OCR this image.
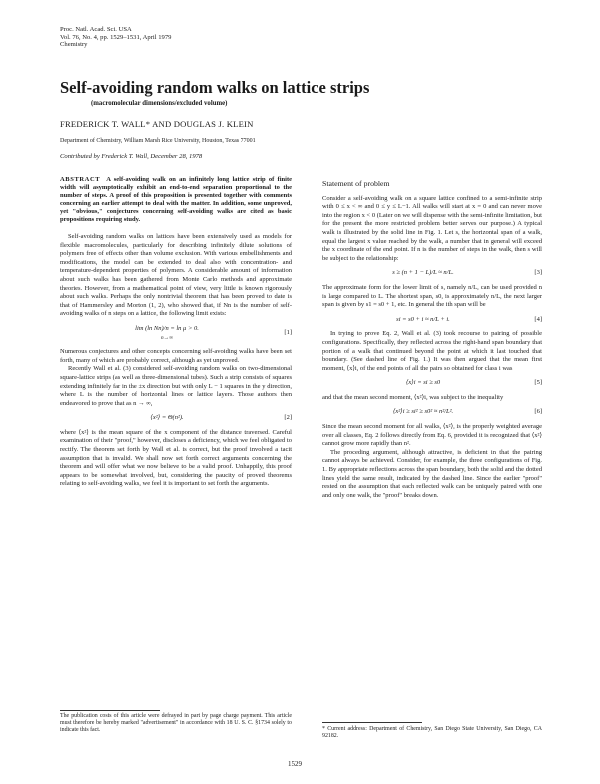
Proc. Natl. Acad. Sci. USA
Vol. 76, No. 4, pp. 1529–1531, April 1979
Chemistry
Self-avoiding random walks on lattice strips
(macromolecular dimensions/excluded volume)
FREDERICK T. WALL* AND DOUGLAS J. KLEIN
Department of Chemistry, William Marsh Rice University, Houston, Texas 77001
Contributed by Frederick T. Wall, December 28, 1978
ABSTRACT A self-avoiding walk on an infinitely long lattice strip of finite width will asymptotically exhibit an end-to-end separation proportional to the number of steps. A proof of this proposition is presented together with comments concerning an earlier attempt to deal with the matter. In addition, some unproved, yet "obvious," conjectures concerning self-avoiding walks are cited as basic propositions requiring study.

Self-avoiding random walks on lattices have been extensively used as models for flexible macromolecules, particularly for describing infinitely dilute solutions of polymers free of effects other than volume exclusion. With various embellishments and modifications, the model can be extended to deal also with concentration- and temperature-dependent properties of polymers. A considerable amount of information about such walks has been gathered from Monte Carlo methods and approximate theories. However, from a mathematical point of view, very little is known rigorously about such walks. Perhaps the only nontrivial theorem that has been proved to date is that of Hammersley and Morton (1, 2), who showed that, if Nn is the number of self-avoiding walks of n steps on a lattice, the following limit exists:

lim (ln Nn)/n = ln μ > 0.
n→∞
[1]

Numerous conjectures and other concepts concerning self-avoiding walks have been set forth, many of which are probably correct, although as yet unproved.

Recently Wall et al. (3) considered self-avoiding random walks on two-dimensional square-lattice strips (as well as three-dimensional tubes). Such a strip consists of squares extending infinitely far in the ±x direction but with only L − 1 squares in the y direction, where L is the number of horizontal lines or lattice layers. Those authors then endeavored to prove that as n → ∞,

⟨x²⟩ = Θ(n²).	[2]

where ⟨x²⟩ is the mean square of the x component of the distance traversed. Careful examination of their "proof," however, discloses a deficiency, which we feel obligated to rectify. The theorem set forth by Wall et al. is correct, but the proof involved a tacit assumption that is invalid. We shall now set forth correct arguments concerning the theorem and will offer what we now believe to be a valid proof. Unhappily, this proof appears to be somewhat involved, but, considering the paucity of proved theorems relating to self-avoiding walks, we feel it is important to set forth the arguments.

Statement of problem

Consider a self-avoiding walk on a square lattice confined to a semi-infinite strip with 0 ≤ x < ∞ and 0 ≤ y ≤ L−1. All walks will start at x = 0 and can never move into the region x < 0 (Later on we will dispense with the semi-infinite limitation, but for the present the more restricted problem better serves our purpose.) A typical walk is illustrated by the solid line in Fig. 1. Let s, the horizontal span of a walk, equal the largest x value reached by the walk, a number that in general will exceed the x coordinate of the end point. If n is the number of steps in the walk, then s will be subject to the relationship:

s ≥ (n + 1 − L)/L ≈ n/L.	[3]

The approximate form for the lower limit of s, namely n/L, can be used provided n is large compared to L. The shortest span, s0, is approximately n/L, the next larger span is given by s1 = s0 + 1, etc. In general the ith span will be

si = s0 + i ≈ n/L + i.	[4]

In trying to prove Eq. 2, Wall et al. (3) took recourse to pairing of possible configurations. Specifically, they reflected across the right-hand span boundary that portion of a walk that continued beyond the point at which it last touched that boundary. (See dashed line of Fig. 1.) It was then argued that the mean first moment, ⟨x⟩i, of the end points of all the pairs so obtained for class i was

⟨x⟩i = si ≥ s0	[5]

and that the mean second moment, ⟨x²⟩i, was subject to the inequality

⟨x²⟩i ≥ si² ≥ s0² ≈ n²/L².	[6]

Since the mean second moment for all walks, ⟨x²⟩, is the properly weighted average over all classes, Eq. 2 follows directly from Eq. 6, provided it is recognized that ⟨x²⟩ cannot grow more rapidly than n².

The proceding argument, although attractive, is deficient in that the pairing cannot always be achieved. Consider, for example, the three configurations of Fig. 1. By appropriate reflections across the span boundary, both the solid and the dotted lines yield the same result, indicated by the dashed line. Since the earlier "proof" rested on the assumption that each reflected walk can be uniquely paired with one and only one walk, the "proof" breaks down.

The publication costs of this article were defrayed in part by page charge payment. This article must therefore be hereby marked "advertisement" in accordance with 18 U. S. C. §1734 solely to indicate this fact.	* Current address: Department of Chemistry, San Diego State University, San Diego, CA 92182.
1529
